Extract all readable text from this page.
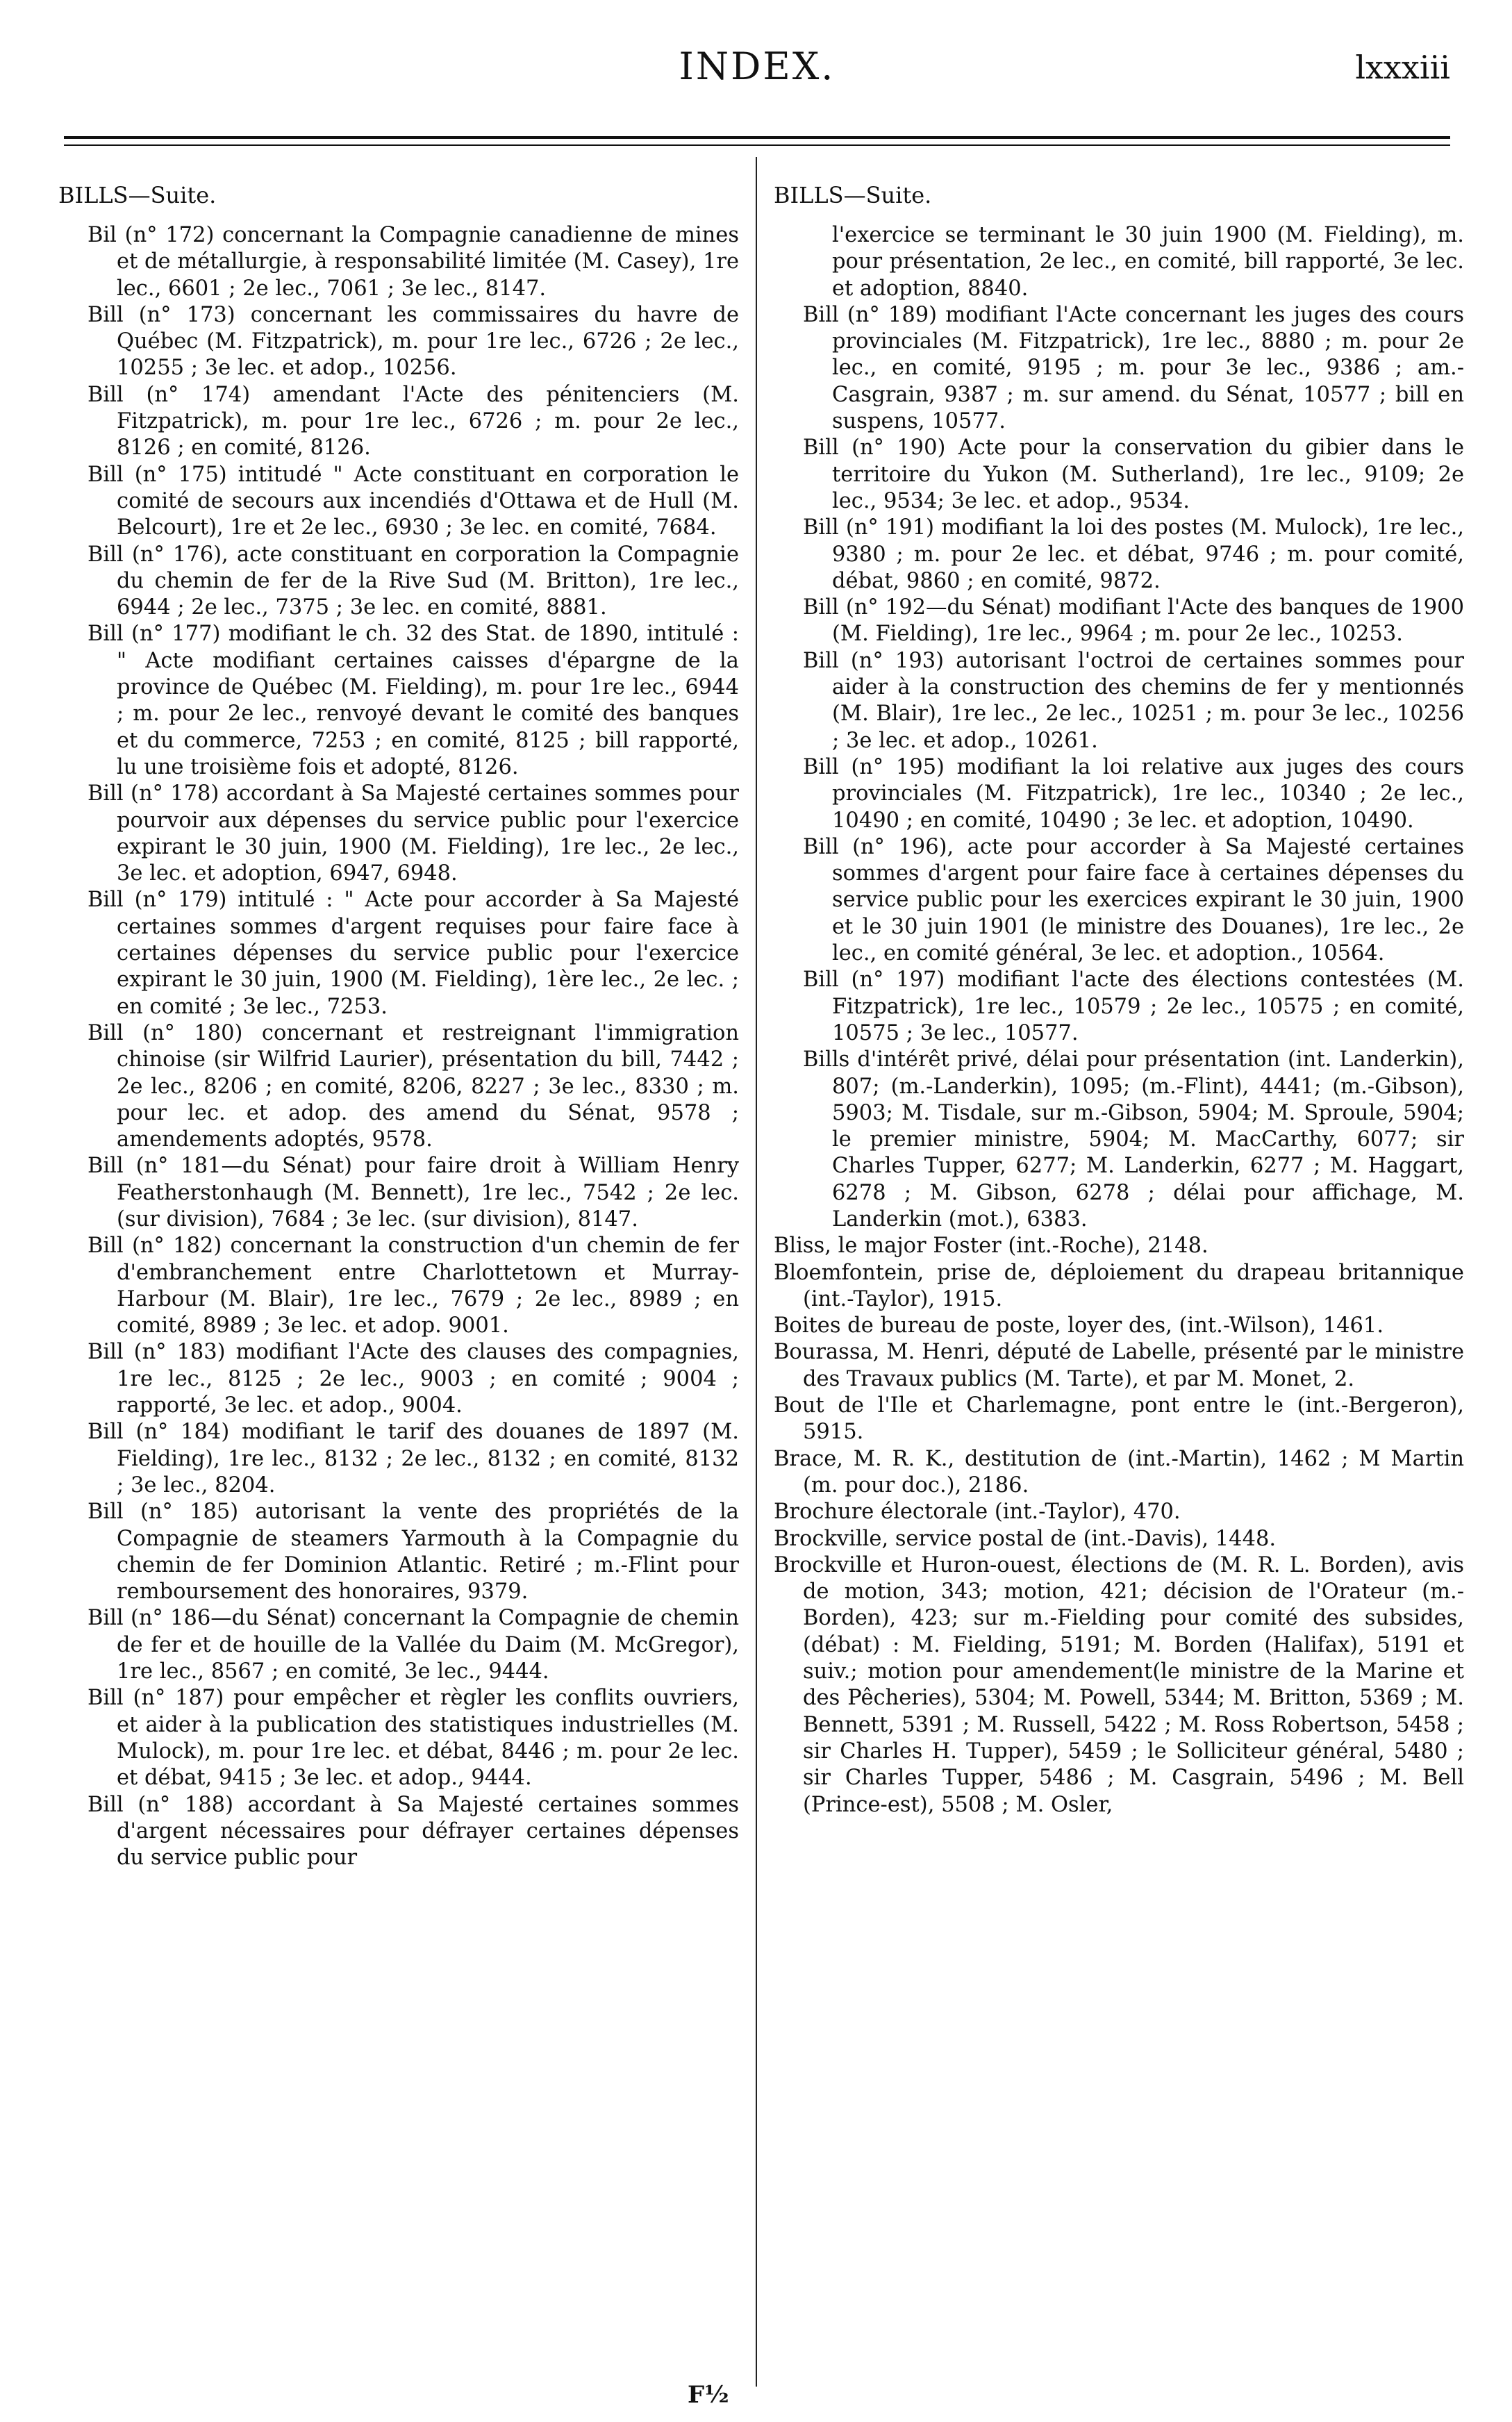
INDEX.	lxxxiii
BILLS—Suite.

Bil (n° 172) concernant la Compagnie canadienne de mines et de métallurgie, à responsabilité limitée (M. Casey), 1re lec., 6601 ; 2e lec., 7061 ; 3e lec., 8147.

Bill (n° 173) concernant les commissaires du havre de Québec (M. Fitzpatrick), m. pour 1re lec., 6726 ; 2e lec., 10255 ; 3e lec. et adop., 10256.

Bill (n° 174) amendant l'Acte des pénitenciers (M. Fitzpatrick), m. pour 1re lec., 6726 ; m. pour 2e lec., 8126 ; en comité, 8126.

Bill (n° 175) intitudé " Acte constituant en corporation le comité de secours aux incendiés d'Ottawa et de Hull (M. Belcourt), 1re et 2e lec., 6930 ; 3e lec. en comité, 7684.

Bill (n° 176), acte constituant en corporation la Compagnie du chemin de fer de la Rive Sud (M. Britton), 1re lec., 6944 ; 2e lec., 7375 ; 3e lec. en comité, 8881.

Bill (n° 177) modifiant le ch. 32 des Stat. de 1890, intitulé : " Acte modifiant certaines caisses d'épargne de la province de Québec (M. Fielding), m. pour 1re lec., 6944 ; m. pour 2e lec., renvoyé devant le comité des banques et du commerce, 7253 ; en comité, 8125 ; bill rapporté, lu une troisième fois et adopté, 8126.

Bill (n° 178) accordant à Sa Majesté certaines sommes pour pourvoir aux dépenses du service public pour l'exercice expirant le 30 juin, 1900 (M. Fielding), 1re lec., 2e lec., 3e lec. et adoption, 6947, 6948.

Bill (n° 179) intitulé : " Acte pour accorder à Sa Majesté certaines sommes d'argent requises pour faire face à certaines dépenses du service public pour l'exercice expirant le 30 juin, 1900 (M. Fielding), 1ère lec., 2e lec. ; en comité ; 3e lec., 7253.

Bill (n° 180) concernant et restreignant l'immigration chinoise (sir Wilfrid Laurier), présentation du bill, 7442 ; 2e lec., 8206 ; en comité, 8206, 8227 ; 3e lec., 8330 ; m. pour lec. et adop. des amend du Sénat, 9578 ; amendements adoptés, 9578.

Bill (n° 181—du Sénat) pour faire droit à William Henry Featherstonhaugh (M. Bennett), 1re lec., 7542 ; 2e lec. (sur division), 7684 ; 3e lec. (sur division), 8147.

Bill (n° 182) concernant la construction d'un chemin de fer d'embranchement entre Charlottetown et Murray-Harbour (M. Blair), 1re lec., 7679 ; 2e lec., 8989 ; en comité, 8989 ; 3e lec. et adop. 9001.

Bill (n° 183) modifiant l'Acte des clauses des compagnies, 1re lec., 8125 ; 2e lec., 9003 ; en comité ; 9004 ; rapporté, 3e lec. et adop., 9004.

Bill (n° 184) modifiant le tarif des douanes de 1897 (M. Fielding), 1re lec., 8132 ; 2e lec., 8132 ; en comité, 8132 ; 3e lec., 8204.

Bill (n° 185) autorisant la vente des propriétés de la Compagnie de steamers Yarmouth à la Compagnie du chemin de fer Dominion Atlantic. Retiré ; m.-Flint pour remboursement des honoraires, 9379.

Bill (n° 186—du Sénat) concernant la Compagnie de chemin de fer et de houille de la Vallée du Daim (M. McGregor), 1re lec., 8567 ; en comité, 3e lec., 9444.

Bill (n° 187) pour empêcher et règler les conflits ouvriers, et aider à la publication des statistiques industrielles (M. Mulock), m. pour 1re lec. et débat, 8446 ; m. pour 2e lec. et débat, 9415 ; 3e lec. et adop., 9444.

Bill (n° 188) accordant à Sa Majesté certaines sommes d'argent nécessaires pour défrayer certaines dépenses du service public pour

BILLS—Suite.

l'exercice se terminant le 30 juin 1900 (M. Fielding), m. pour présentation, 2e lec., en comité, bill rapporté, 3e lec. et adoption, 8840.

Bill (n° 189) modifiant l'Acte concernant les juges des cours provinciales (M. Fitzpatrick), 1re lec., 8880 ; m. pour 2e lec., en comité, 9195 ; m. pour 3e lec., 9386 ; am.-Casgrain, 9387 ; m. sur amend. du Sénat, 10577 ; bill en suspens, 10577.

Bill (n° 190) Acte pour la conservation du gibier dans le territoire du Yukon (M. Sutherland), 1re lec., 9109; 2e lec., 9534; 3e lec. et adop., 9534.

Bill (n° 191) modifiant la loi des postes (M. Mulock), 1re lec., 9380 ; m. pour 2e lec. et débat, 9746 ; m. pour comité, débat, 9860 ; en comité, 9872.

Bill (n° 192—du Sénat) modifiant l'Acte des banques de 1900 (M. Fielding), 1re lec., 9964 ; m. pour 2e lec., 10253.

Bill (n° 193) autorisant l'octroi de certaines sommes pour aider à la construction des chemins de fer y mentionnés (M. Blair), 1re lec., 2e lec., 10251 ; m. pour 3e lec., 10256 ; 3e lec. et adop., 10261.

Bill (n° 195) modifiant la loi relative aux juges des cours provinciales (M. Fitzpatrick), 1re lec., 10340 ; 2e lec., 10490 ; en comité, 10490 ; 3e lec. et adoption, 10490.

Bill (n° 196), acte pour accorder à Sa Majesté certaines sommes d'argent pour faire face à certaines dépenses du service public pour les exercices expirant le 30 juin, 1900 et le 30 juin 1901 (le ministre des Douanes), 1re lec., 2e lec., en comité général, 3e lec. et adoption., 10564.

Bill (n° 197) modifiant l'acte des élections contestées (M. Fitzpatrick), 1re lec., 10579 ; 2e lec., 10575 ; en comité, 10575 ; 3e lec., 10577.

Bills d'intérêt privé, délai pour présentation (int. Landerkin), 807; (m.-Landerkin), 1095; (m.-Flint), 4441; (m.-Gibson), 5903; M. Tisdale, sur m.-Gibson, 5904; M. Sproule, 5904; le premier ministre, 5904; M. MacCarthy, 6077; sir Charles Tupper, 6277; M. Landerkin, 6277 ; M. Haggart, 6278 ; M. Gibson, 6278 ; délai pour affichage, M. Landerkin (mot.), 6383.

Bliss, le major Foster (int.-Roche), 2148.

Bloemfontein, prise de, déploiement du drapeau britannique (int.-Taylor), 1915.

Boites de bureau de poste, loyer des, (int.-Wilson), 1461.

Bourassa, M. Henri, député de Labelle, présenté par le ministre des Travaux publics (M. Tarte), et par M. Monet, 2.

Bout de l'Ile et Charlemagne, pont entre le (int.-Bergeron), 5915.

Brace, M. R. K., destitution de (int.-Martin), 1462 ; M Martin (m. pour doc.), 2186.

Brochure électorale (int.-Taylor), 470.

Brockville, service postal de (int.-Davis), 1448.

Brockville et Huron-ouest, élections de (M. R. L. Borden), avis de motion, 343; motion, 421; décision de l'Orateur (m.-Borden), 423; sur m.-Fielding pour comité des subsides, (débat) : M. Fielding, 5191; M. Borden (Halifax), 5191 et suiv.; motion pour amendement(le ministre de la Marine et des Pêcheries), 5304; M. Powell, 5344; M. Britton, 5369 ; M. Bennett, 5391 ; M. Russell, 5422 ; M. Ross Robertson, 5458 ; sir Charles H. Tupper), 5459 ; le Solliciteur général, 5480 ; sir Charles Tupper, 5486 ; M. Casgrain, 5496 ; M. Bell (Prince-est), 5508 ; M. Osler,

F½
